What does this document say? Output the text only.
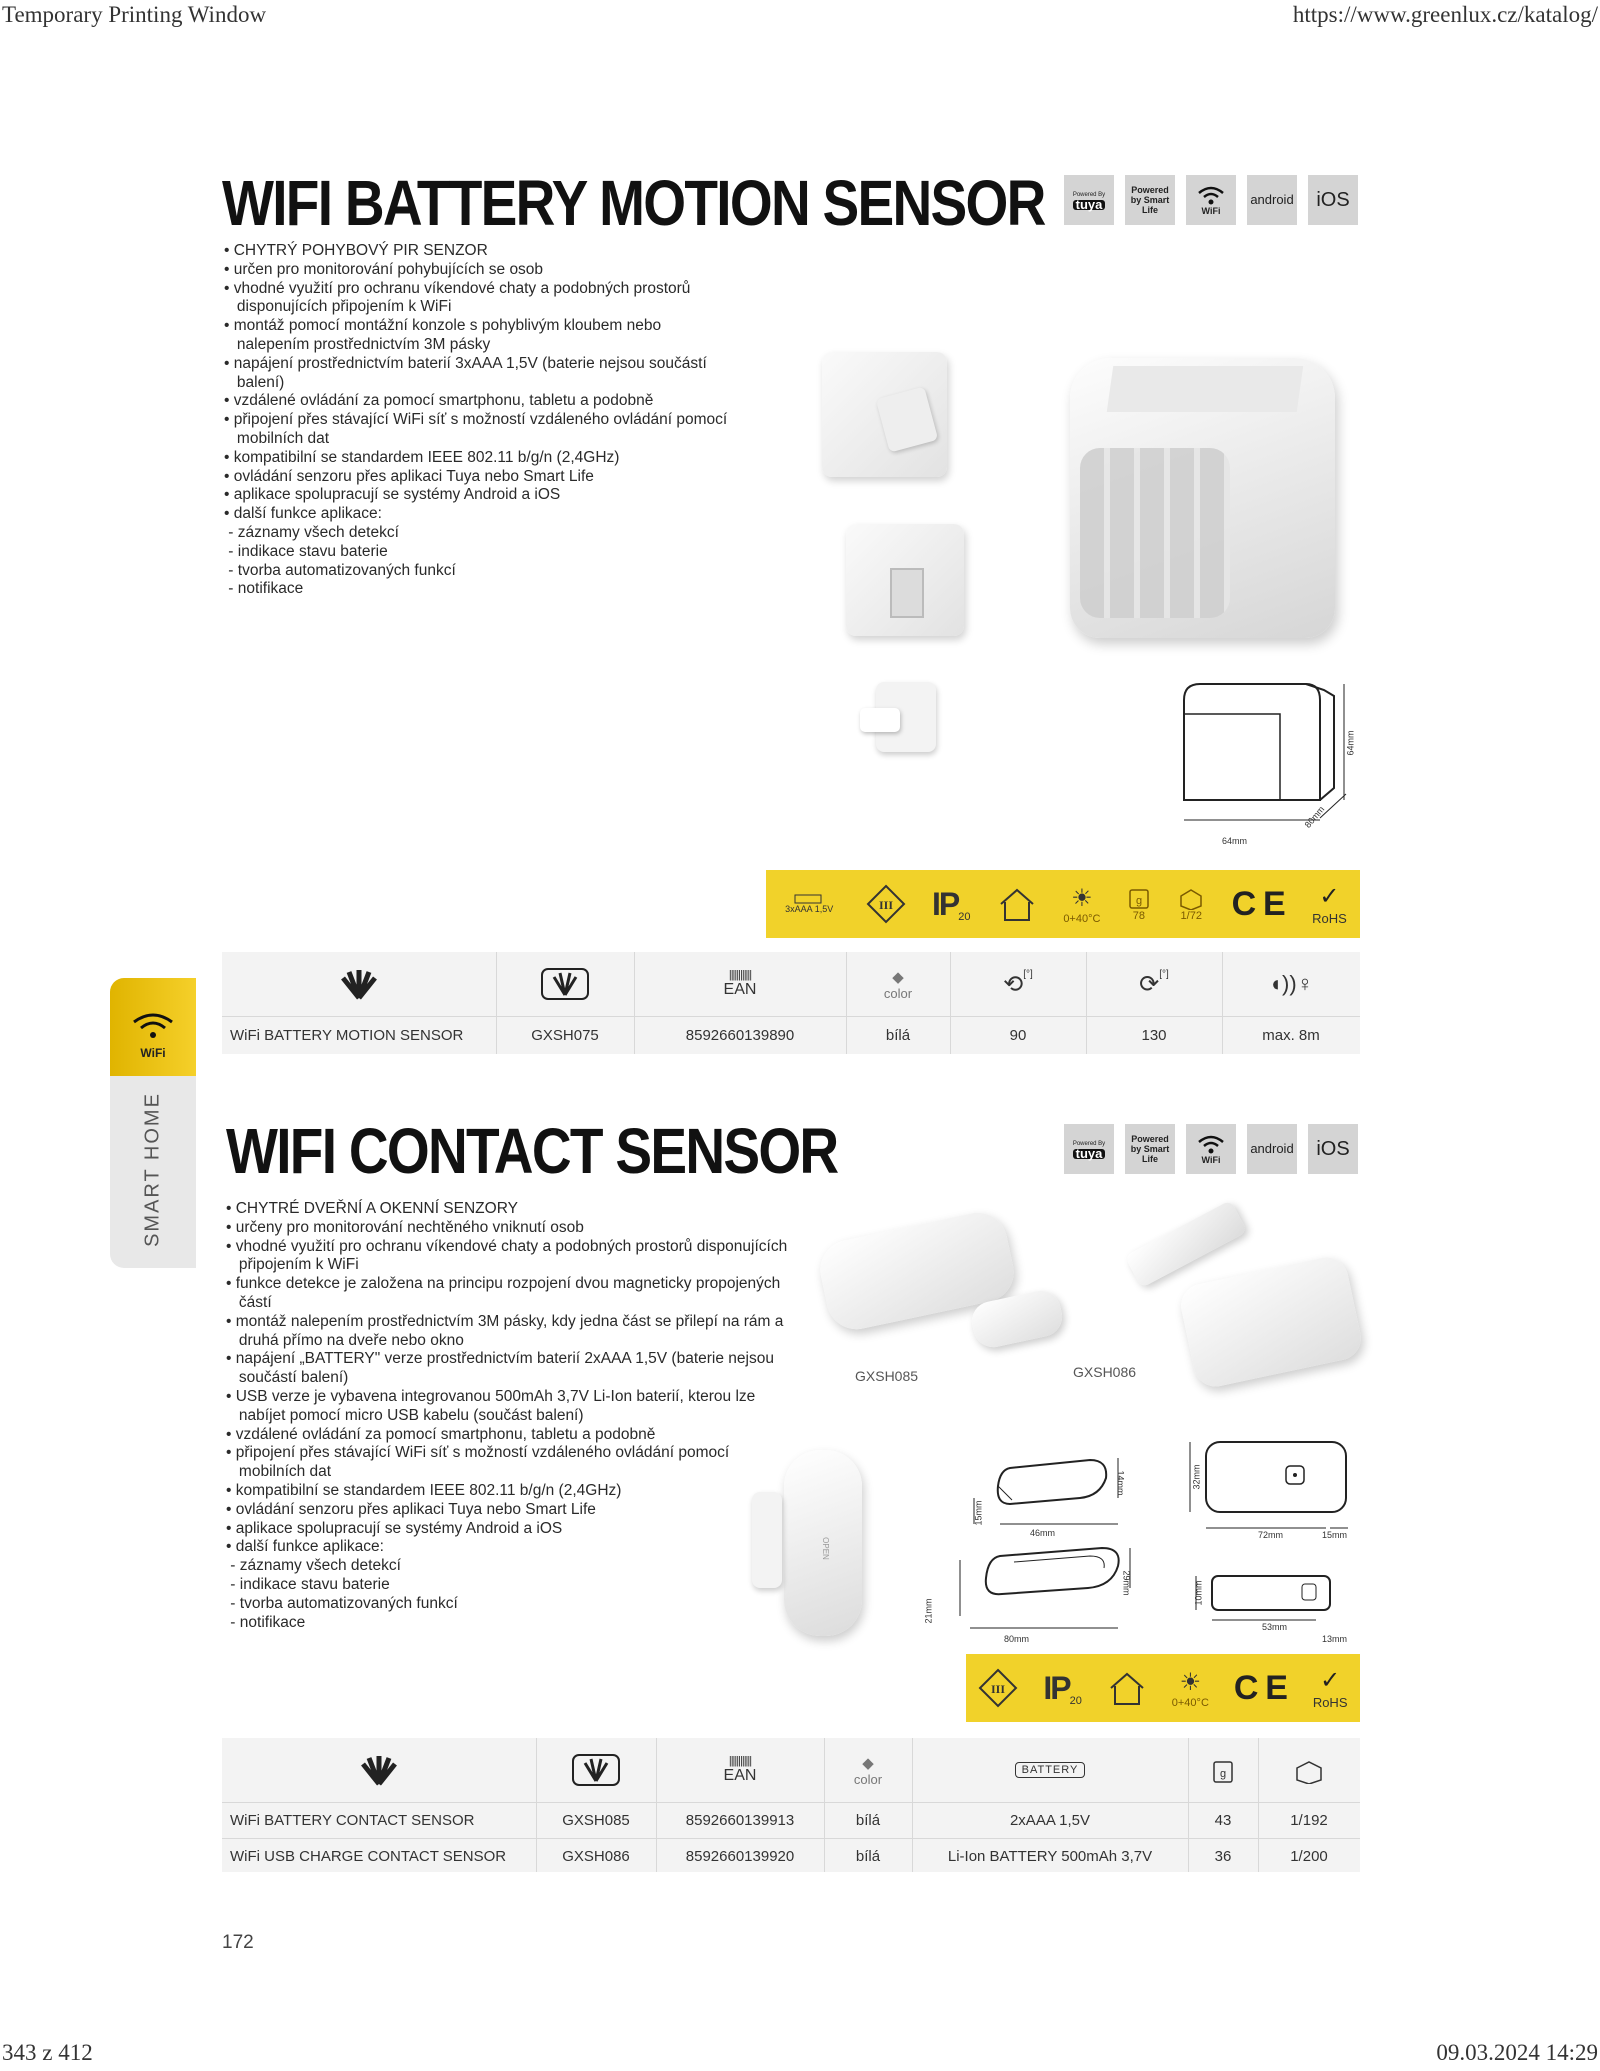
Temporary Printing Window	https://www.greenlux.cz/katalog/
343 z 412	09.03.2024 14:29
WIFI BATTERY MOTION SENSOR	Powered By
tuya
Powered by Smart Life	WiFi
android	iOS
• CHYTRÝ POHYBOVÝ PIR SENZOR
• určen pro monitorování pohybujících se osob
• vhodné využití pro ochranu víkendové chaty a podobných prostorů
disponujících připojením k WiFi
• montáž pomocí montážní konzole s pohyblivým kloubem nebo
nalepením prostřednictvím 3M pásky
• napájení prostřednictvím baterií 3xAAA 1,5V (baterie nejsou součástí
balení)
• vzdálené ovládání za pomocí smartphonu, tabletu a podobně
• připojení přes stávající WiFi síť s možností vzdáleného ovládání pomocí
mobilních dat
• kompatibilní se standardem IEEE 802.11 b/g/n (2,4GHz)
• ovládání senzoru přes aplikaci Tuya nebo Smart Life
• aplikace spolupracují se systémy Android a iOS
• další funkce aplikace:
- záznamy všech detekcí
- indikace stavu baterie
- tvorba automatizovaných funkcí
- notifikace
64mm
64mm
80mm
3xAAA 1,5V	III IP 20
☀
0+40°C
g
78	1/72 C E ✓
RoHS
||||||||||||
EAN
◆
color	⟲ [°]	⟳ [°]	◖))♀
WiFi BATTERY MOTION SENSOR	GXSH075	8592660139890	bílá	90	130	max. 8m
WiFi
SMART HOME WIFI CONTACT SENSOR	Powered By
tuya
Powered by Smart Life	WiFi
android	iOS
• CHYTRÉ DVEŘNÍ A OKENNÍ SENZORY
• určeny pro monitorování nechtěného vniknutí osob
• vhodné využití pro ochranu víkendové chaty a podobných prostorů disponujících
připojením k WiFi
• funkce detekce je založena na principu rozpojení dvou magneticky propojených
částí
• montáž nalepením prostřednictvím 3M pásky, kdy jedna část se přilepí na rám a
druhá přímo na dveře nebo okno
• napájení „BATTERY" verze prostřednictvím baterií 2xAAA 1,5V (baterie nejsou
součástí balení)
• USB verze je vybavena integrovanou 500mAh 3,7V Li-Ion baterií, kterou lze
nabíjet pomocí micro USB kabelu (součást balení)
• vzdálené ovládání za pomocí smartphonu, tabletu a podobně
• připojení přes stávající WiFi síť s možností vzdáleného ovládání pomocí
mobilních dat
• kompatibilní se standardem IEEE 802.11 b/g/n (2,4GHz)
• ovládání senzoru přes aplikaci Tuya nebo Smart Life
• aplikace spolupracují se systémy Android a iOS
• další funkce aplikace:
- záznamy všech detekcí
- indikace stavu baterie
- tvorba automatizovaných funkcí
- notifikace
GXSH085	GXSH086
OPEN
15mm
14mm
46mm
21mm
29mm
80mm
32mm
72mm	15mm
10mm
53mm
13mm
III IP 20
☀
0+40°C C E ✓
RoHS
||||||||||||
EAN
◆
color
BATTERY	g
WiFi BATTERY CONTACT SENSOR	GXSH085	8592660139913	bílá	2xAAA 1,5V	43	1/192
WiFi USB CHARGE CONTACT SENSOR	GXSH086	8592660139920	bílá	Li-Ion BATTERY 500mAh 3,7V	36	1/200
172
